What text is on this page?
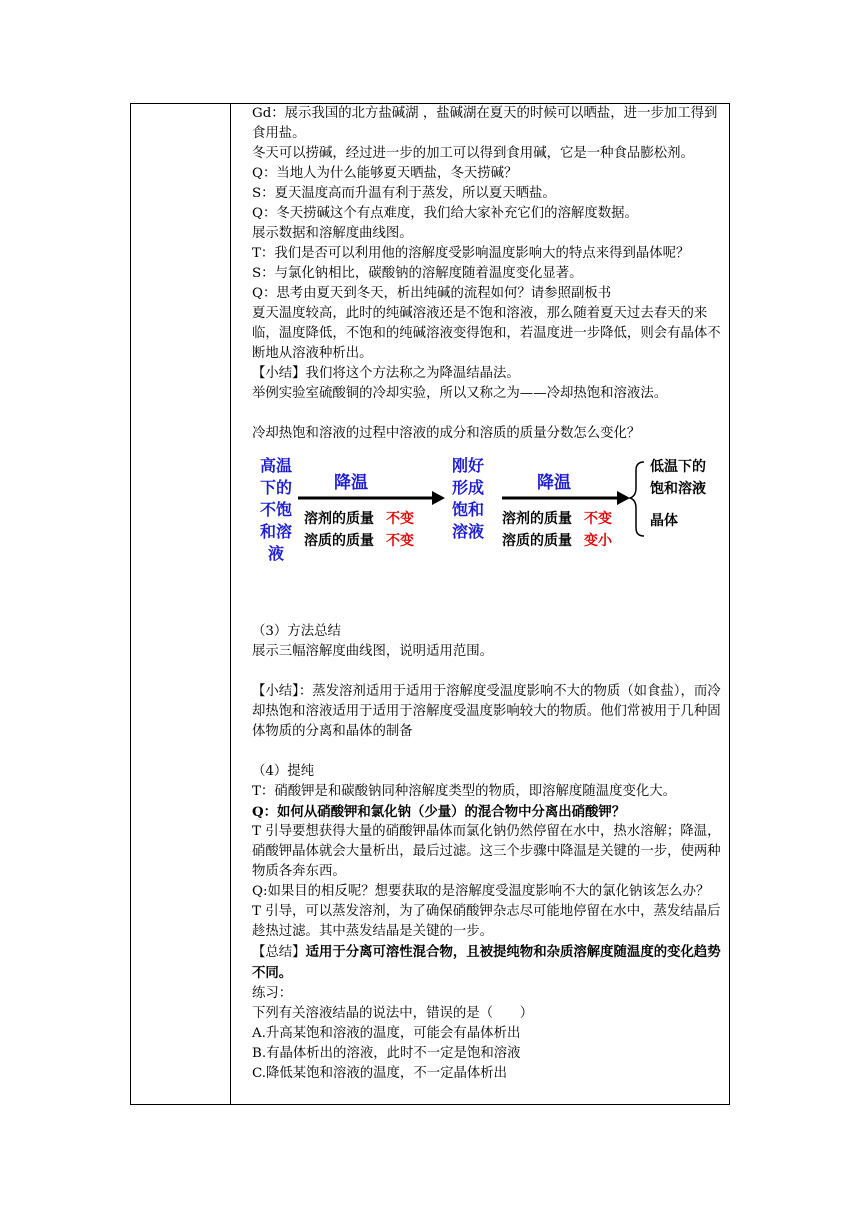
Gd：展示我国的北方盐碱湖 ，盐碱湖在夏天的时候可以晒盐，进一步加工得到食用盐。

冬天可以捞碱，经过进一步的加工可以得到食用碱，它是一种食品膨松剂。

Q：当地人为什么能够夏天晒盐，冬天捞碱？

S：夏天温度高而升温有利于蒸发，所以夏天晒盐。

Q：冬天捞碱这个有点难度，我们给大家补充它们的溶解度数据。

展示数据和溶解度曲线图。

T：我们是否可以利用他的溶解度受影响温度影响大的特点来得到晶体呢？

S：与氯化钠相比，碳酸钠的溶解度随着温度变化显著。

Q：思考由夏天到冬天，析出纯碱的流程如何？请参照副板书

夏天温度较高，此时的纯碱溶液还是不饱和溶液，那么随着夏天过去春天的来临，温度降低，不饱和的纯碱溶液变得饱和，若温度进一步降低，则会有晶体不断地从溶液种析出。

【小结】我们将这个方法称之为降温结晶法。

举例实验室硫酸铜的冷却实验，所以又称之为——冷却热饱和溶液法。

冷却热饱和溶液的过程中溶液的成分和溶质的质量分数怎么变化？

高温
下的
不饱
和溶
液
降温
溶剂的质量 不变
溶质的质量 不变
刚好
形成
饱和
溶液
降温
溶剂的质量 不变
溶质的质量 变小
低温下的
饱和溶液
晶体

（3）方法总结

展示三幅溶解度曲线图，说明适用范围。

【小结】：蒸发溶剂适用于适用于溶解度受温度影响不大的物质（如食盐），而冷却热饱和溶液适用于适用于溶解度受温度影响较大的物质。他们常被用于几种固体物质的分离和晶体的制备

（4）提纯

T：硝酸钾是和碳酸钠同种溶解度类型的物质，即溶解度随温度变化大。

Q：如何从硝酸钾和氯化钠（少量）的混合物中分离出硝酸钾？

T 引导要想获得大量的硝酸钾晶体而氯化钠仍然停留在水中，热水溶解；降温，硝酸钾晶体就会大量析出，最后过滤。这三个步骤中降温是关键的一步，使两种物质各奔东西。

Q:如果目的相反呢？想要获取的是溶解度受温度影响不大的氯化钠该怎么办？

T 引导，可以蒸发溶剂，为了确保硝酸钾杂志尽可能地停留在水中，蒸发结晶后趁热过滤。其中蒸发结晶是关键的一步。

【总结】适用于分离可溶性混合物，且被提纯物和杂质溶解度随温度的变化趋势不同。

练习：

下列有关溶液结晶的说法中，错误的是（　　）

A.升高某饱和溶液的温度，可能会有晶体析出

B.有晶体析出的溶液，此时不一定是饱和溶液

C.降低某饱和溶液的温度，不一定晶体析出
